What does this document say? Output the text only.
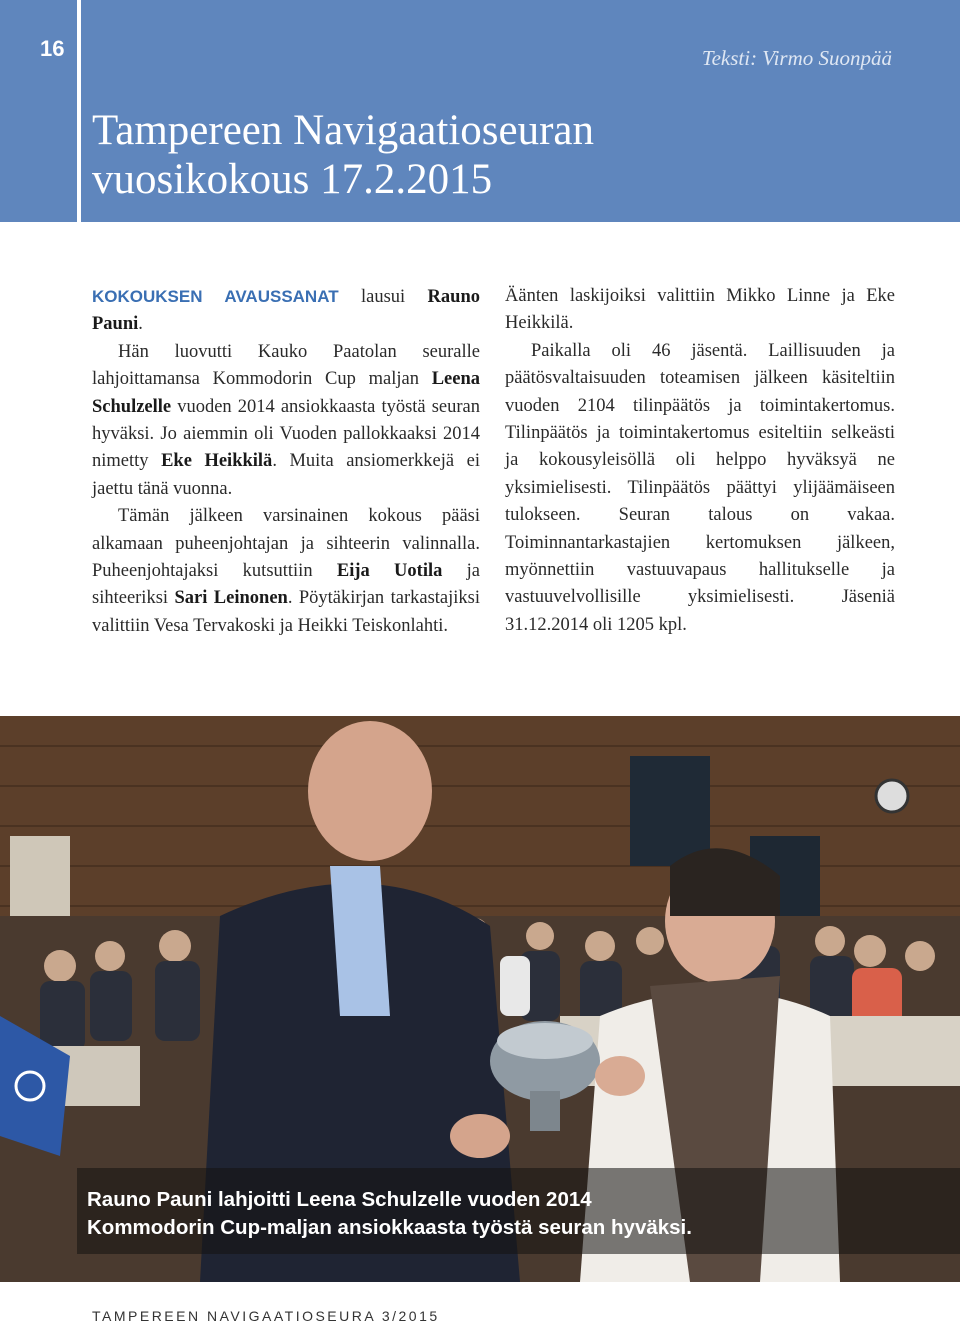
16	Teksti: Virmo Suonpää
Tampereen Navigaatioseuran
vuosikokous 17.2.2015

KOKOUKSEN AVAUSSANAT lausui Rauno Pauni.

Hän luovutti Kauko Paatolan seuralle lahjoittamansa Kommodorin Cup maljan Leena Schulzelle vuoden 2014 ansiokkaasta työstä seuran hyväksi. Jo aiemmin oli Vuoden pallokkaaksi 2014 nimetty Eke Heikkilä. Muita ansiomerkkejä ei jaettu tänä vuonna.

Tämän jälkeen varsinainen kokous pääsi alkamaan puheenjohtajan ja sihteerin valinnalla. Puheenjohtajaksi kutsuttiin Eija Uotila ja sihteeriksi Sari Leinonen. Pöytäkirjan tarkastajiksi valittiin Vesa Tervakoski ja Heikki Teiskonlahti.

Äänten laskijoiksi valittiin Mikko Linne ja Eke Heikkilä.

Paikalla oli 46 jäsentä. Laillisuuden ja päätösvaltaisuuden toteamisen jälkeen käsiteltiin vuoden 2104 tilinpäätös ja toimintakertomus. Tilinpäätös ja toimintakertomus esiteltiin selkeästi ja kokousyleisöllä oli helppo hyväksyä ne yksimielisesti. Tilinpäätös päättyi ylijäämäiseen tulokseen. Seuran talous on vakaa. Toiminnantarkastajien kertomuksen jälkeen, myönnettiin vastuuvapaus hallitukselle ja vastuuvelvollisille yksimielisesti. Jäseniä 31.12.2014 oli 1205 kpl.

Rauno Pauni lahjoitti Leena Schulzelle vuoden 2014
Kommodorin Cup-maljan ansiokkaasta työstä seuran hyväksi.
TAMPEREEN NAVIGAATIOSEURA 3/2015
